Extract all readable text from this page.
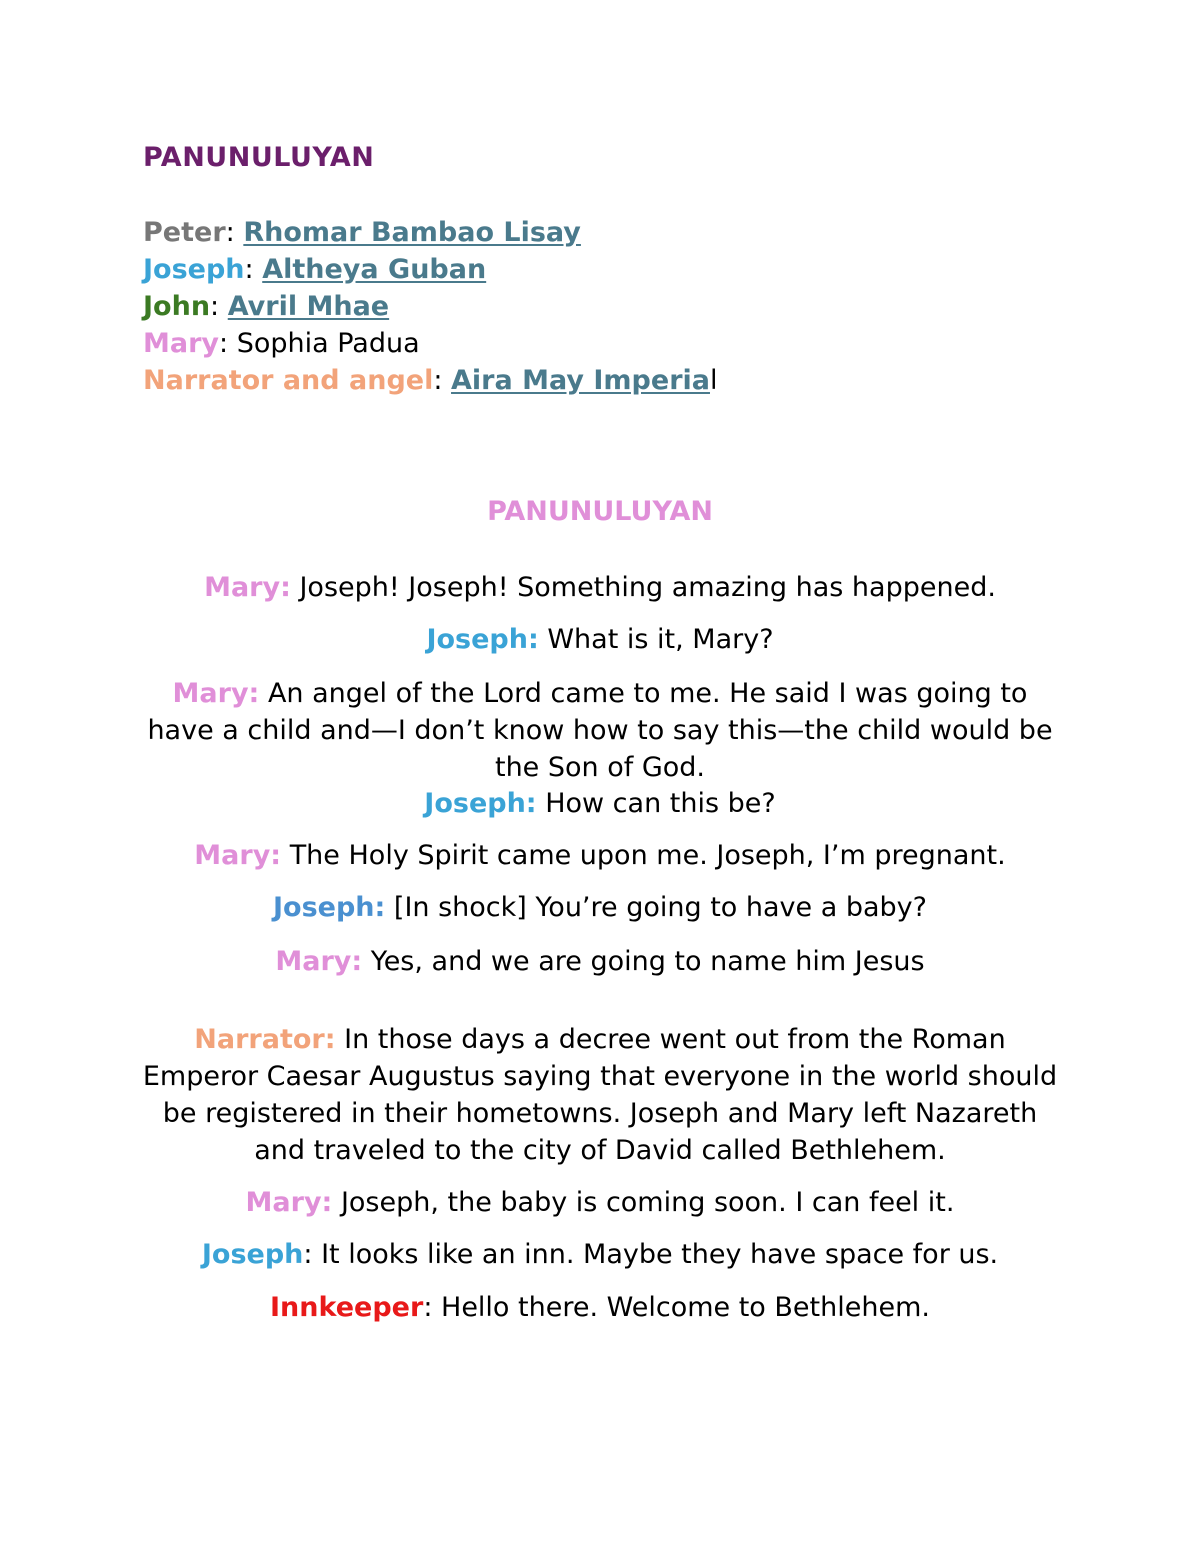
PANUNULUYAN
Peter: Rhomar Bambao Lisay
Joseph: Altheya Guban
John: Avril Mhae
Mary: Sophia Padua
Narrator and angel: Aira May Imperial
PANUNULUYAN
Mary: Joseph! Joseph! Something amazing has happened.
Joseph: What is it, Mary?
Mary: An angel of the Lord came to me. He said I was going to have a child and—I don’t know how to say this—the child would be the Son of God.
Joseph: How can this be?
Mary: The Holy Spirit came upon me. Joseph, I’m pregnant.
Joseph: [In shock] You’re going to have a baby?
Mary: Yes, and we are going to name him Jesus
Narrator: In those days a decree went out from the Roman Emperor Caesar Augustus saying that everyone in the world should be registered in their hometowns. Joseph and Mary left Nazareth and traveled to the city of David called Bethlehem.
Mary: Joseph, the baby is coming soon. I can feel it.
Joseph: It looks like an inn. Maybe they have space for us.
Innkeeper: Hello there. Welcome to Bethlehem.
